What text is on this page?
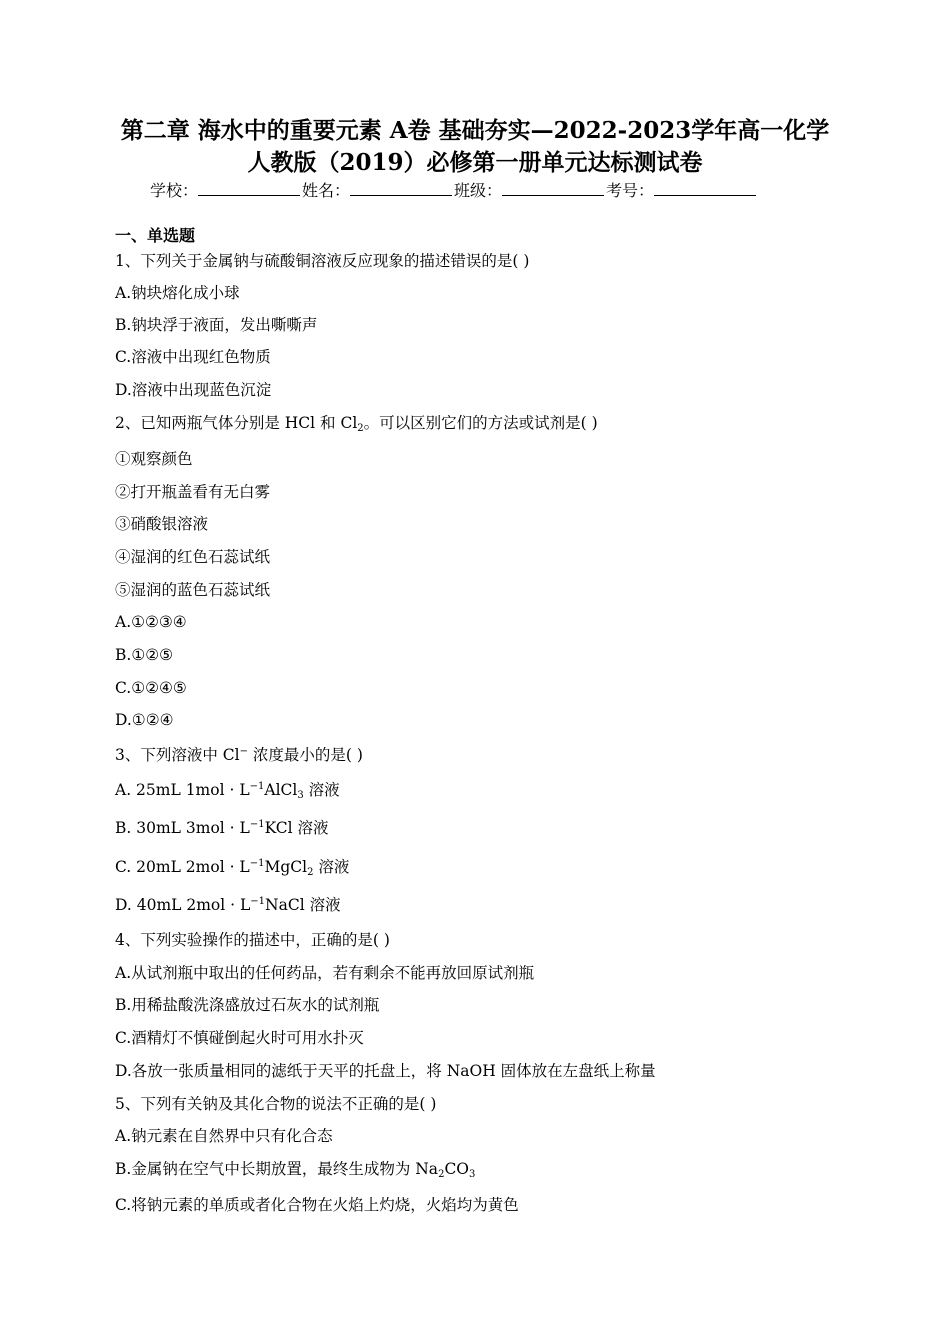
第二章 海水中的重要元素 A卷 基础夯实—2022-2023学年高一化学
人教版（2019）必修第一册单元达标测试卷
学校：	姓名：	班级：	考号：
一、单选题
1、下列关于金属钠与硫酸铜溶液反应现象的描述错误的是( )
A.钠块熔化成小球
B.钠块浮于液面，发出嘶嘶声
C.溶液中出现红色物质
D.溶液中出现蓝色沉淀
2、已知两瓶气体分别是 HCl 和 $Cl_2$。可以区别它们的方法或试剂是( )
①观察颜色
②打开瓶盖看有无白雾
③硝酸银溶液
④湿润的红色石蕊试纸
⑤湿润的蓝色石蕊试纸
A.①②③④
B.①②⑤
C.①②④⑤
D.①②④
3、下列溶液中 Cl− 浓度最小的是( )
A. 25mL $1mol \cdot L^{-1}AlCl_3$ 溶液
B. 30mL $3mol \cdot L^{-1}KCl$ 溶液
C. 20mL $2mol \cdot L^{-1}MgCl_2$ 溶液
D. 40mL $2mol \cdot L^{-1}NaCl$ 溶液
4、下列实验操作的描述中，正确的是( )
A.从试剂瓶中取出的任何药品，若有剩余不能再放回原试剂瓶
B.用稀盐酸洗涤盛放过石灰水的试剂瓶
C.酒精灯不慎碰倒起火时可用水扑灭
D.各放一张质量相同的滤纸于天平的托盘上，将 NaOH 固体放在左盘纸上称量
5、下列有关钠及其化合物的说法不正确的是( )
A.钠元素在自然界中只有化合态
B.金属钠在空气中长期放置，最终生成物为 $Na_2CO_3$
C.将钠元素的单质或者化合物在火焰上灼烧，火焰均为黄色
